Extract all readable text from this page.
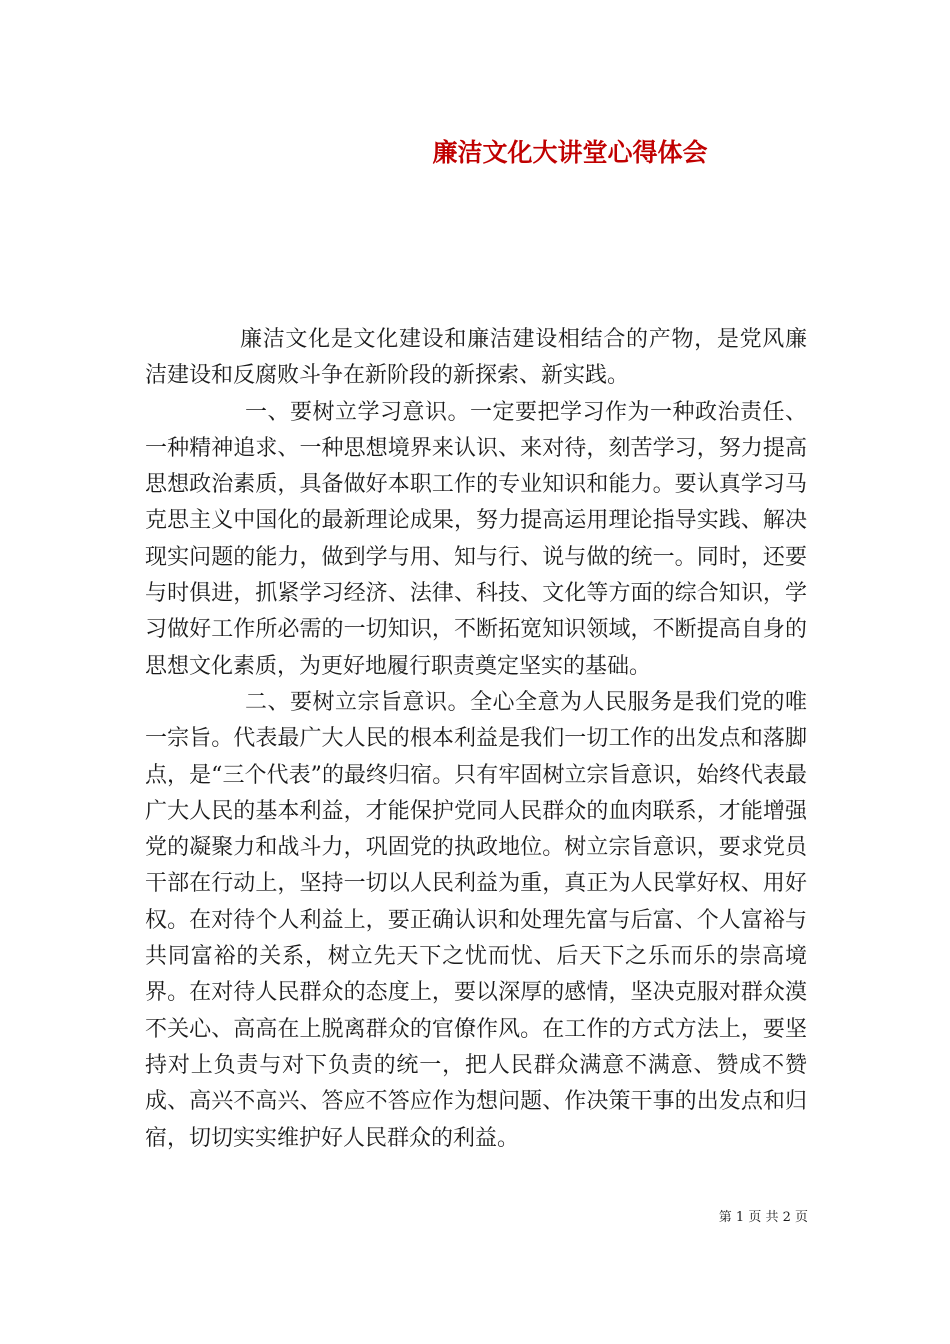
廉洁文化大讲堂心得体会

廉洁文化是文化建设和廉洁建设相结合的产物，是党风廉洁建设和反腐败斗争在新阶段的新探索、新实践。

一、要树立学习意识。一定要把学习作为一种政治责任、一种精神追求、一种思想境界来认识、来对待，刻苦学习，努力提高思想政治素质，具备做好本职工作的专业知识和能力。要认真学习马克思主义中国化的最新理论成果，努力提高运用理论指导实践、解决现实问题的能力，做到学与用、知与行、说与做的统一。同时，还要与时俱进，抓紧学习经济、法律、科技、文化等方面的综合知识，学习做好工作所必需的一切知识，不断拓宽知识领域，不断提高自身的思想文化素质，为更好地履行职责奠定坚实的基础。

二、要树立宗旨意识。全心全意为人民服务是我们党的唯一宗旨。代表最广大人民的根本利益是我们一切工作的出发点和落脚点，是“三个代表”的最终归宿。只有牢固树立宗旨意识，始终代表最广大人民的基本利益，才能保护党同人民群众的血肉联系，才能增强党的凝聚力和战斗力，巩固党的执政地位。树立宗旨意识，要求党员干部在行动上，坚持一切以人民利益为重，真正为人民掌好权、用好权。在对待个人利益上，要正确认识和处理先富与后富、个人富裕与共同富裕的关系，树立先天下之忧而忧、后天下之乐而乐的崇高境界。在对待人民群众的态度上，要以深厚的感情，坚决克服对群众漠不关心、高高在上脱离群众的官僚作风。在工作的方式方法上，要坚持对上负责与对下负责的统一，把人民群众满意不满意、赞成不赞成、高兴不高兴、答应不答应作为想问题、作决策干事的出发点和归宿，切切实实维护好人民群众的利益。

第 1 页 共 2 页
